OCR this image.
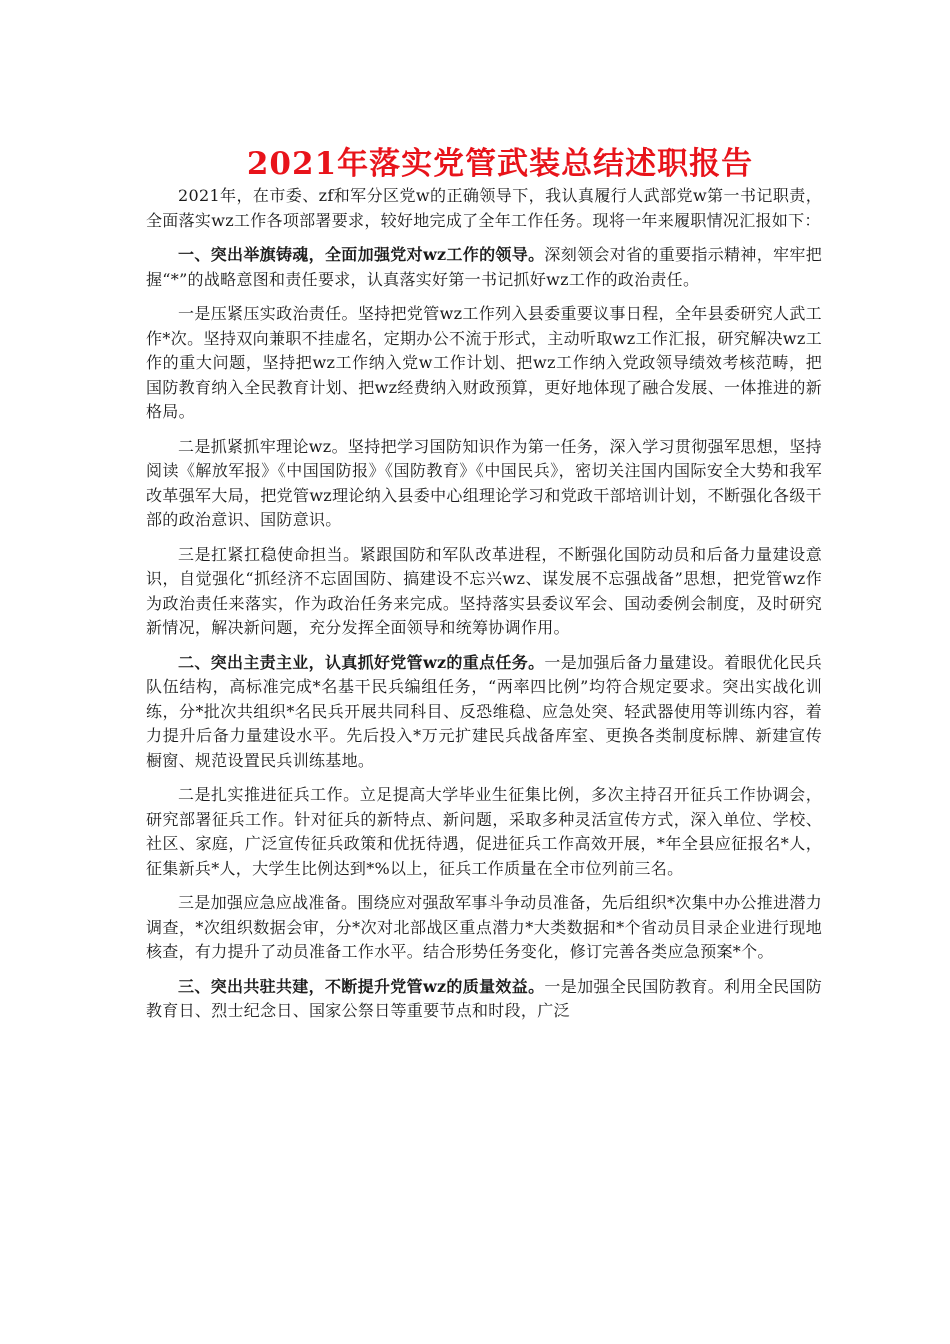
2021年落实党管武装总结述职报告

2021年，在市委、zf和军分区党w的正确领导下，我认真履行人武部党w第一书记职责，全面落实wz工作各项部署要求，较好地完成了全年工作任务。现将一年来履职情况汇报如下：

一、突出举旗铸魂，全面加强党对wz工作的领导。深刻领会对省的重要指示精神，牢牢把握“*”的战略意图和责任要求，认真落实好第一书记抓好wz工作的政治责任。

一是压紧压实政治责任。坚持把党管wz工作列入县委重要议事日程，全年县委研究人武工作*次。坚持双向兼职不挂虚名，定期办公不流于形式，主动听取wz工作汇报，研究解决wz工作的重大问题，坚持把wz工作纳入党w工作计划、把wz工作纳入党政领导绩效考核范畴，把国防教育纳入全民教育计划、把wz经费纳入财政预算，更好地体现了融合发展、一体推进的新格局。

二是抓紧抓牢理论wz。坚持把学习国防知识作为第一任务，深入学习贯彻强军思想，坚持阅读《解放军报》《中国国防报》《国防教育》《中国民兵》，密切关注国内国际安全大势和我军改革强军大局，把党管wz理论纳入县委中心组理论学习和党政干部培训计划，不断强化各级干部的政治意识、国防意识。

三是扛紧扛稳使命担当。紧跟国防和军队改革进程，不断强化国防动员和后备力量建设意识，自觉强化“抓经济不忘固国防、搞建设不忘兴wz、谋发展不忘强战备”思想，把党管wz作为政治责任来落实，作为政治任务来完成。坚持落实县委议军会、国动委例会制度，及时研究新情况，解决新问题，充分发挥全面领导和统筹协调作用。

二、突出主责主业，认真抓好党管wz的重点任务。一是加强后备力量建设。着眼优化民兵队伍结构，高标准完成*名基干民兵编组任务，“两率四比例”均符合规定要求。突出实战化训练，分*批次共组织*名民兵开展共同科目、反恐维稳、应急处突、轻武器使用等训练内容，着力提升后备力量建设水平。先后投入*万元扩建民兵战备库室、更换各类制度标牌、新建宣传橱窗、规范设置民兵训练基地。

二是扎实推进征兵工作。立足提高大学毕业生征集比例，多次主持召开征兵工作协调会，研究部署征兵工作。针对征兵的新特点、新问题，采取多种灵活宣传方式，深入单位、学校、社区、家庭，广泛宣传征兵政策和优抚待遇，促进征兵工作高效开展，*年全县应征报名*人，征集新兵*人，大学生比例达到*%以上，征兵工作质量在全市位列前三名。

三是加强应急应战准备。围绕应对强敌军事斗争动员准备，先后组织*次集中办公推进潜力调查，*次组织数据会审，分*次对北部战区重点潜力*大类数据和*个省动员目录企业进行现地核查，有力提升了动员准备工作水平。结合形势任务变化，修订完善各类应急预案*个。

三、突出共驻共建，不断提升党管wz的质量效益。一是加强全民国防教育。利用全民国防教育日、烈士纪念日、国家公祭日等重要节点和时段，广泛
